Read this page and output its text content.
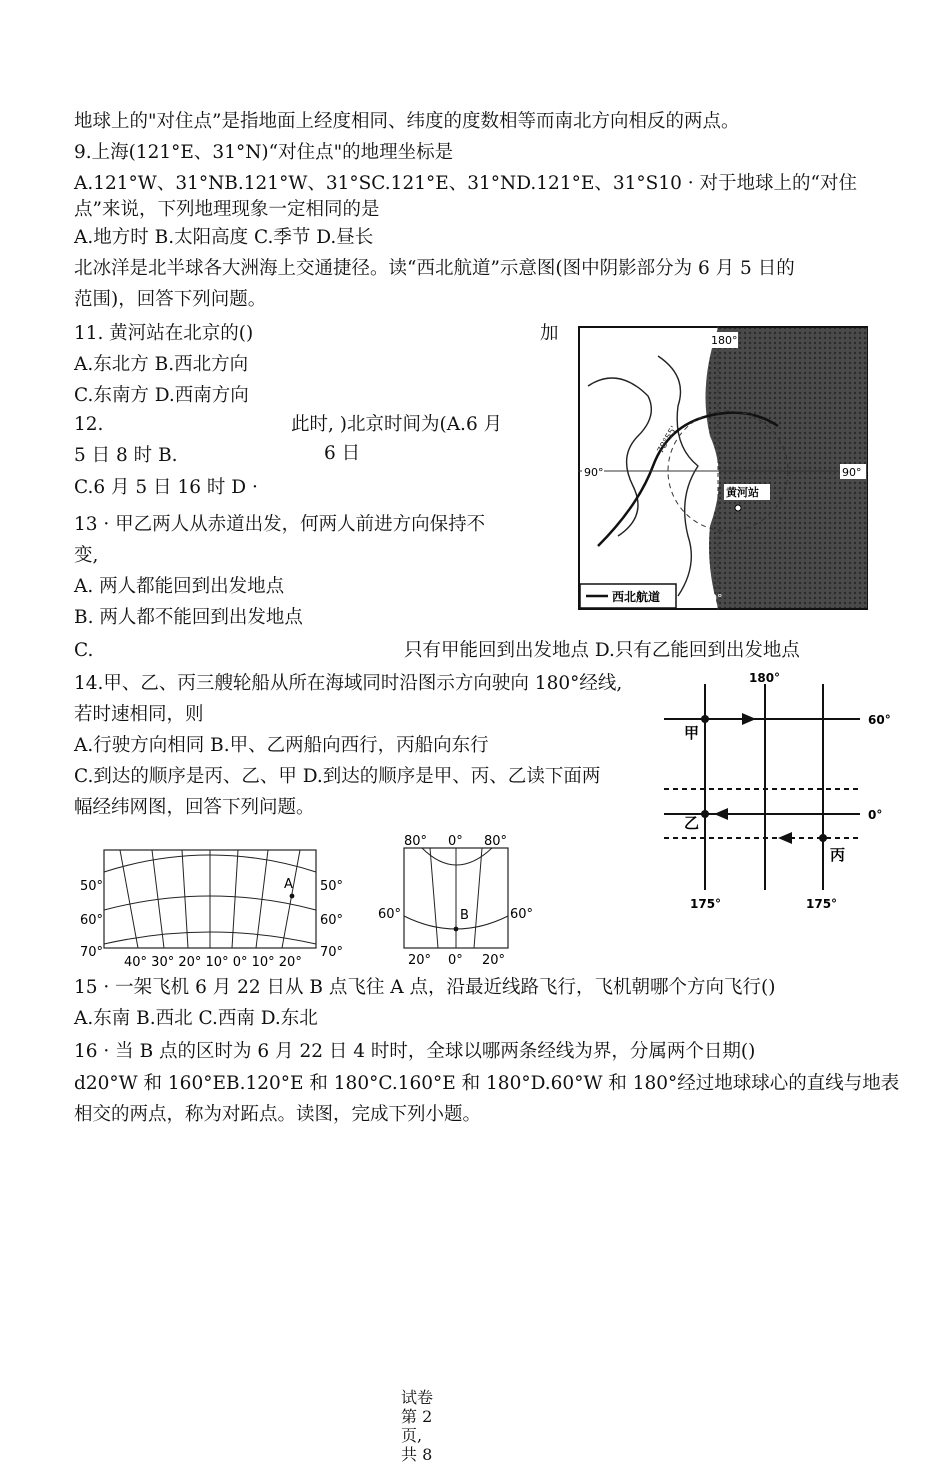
地球上的"对住点”是指地面上经度相同、纬度的度数相等而南北方向相反的两点。
9.上海(121°E、31°N)“对住点"的地理坐标是
A.121°W、31°NB.121°W、31°SC.121°E、31°ND.121°E、31°S10 · 对于地球上的“对住
点”来说，下列地理现象一定相同的是
A.地方时 B.太阳高度 C.季节 D.昼长
北冰洋是北半球各大洲海上交通捷径。读“西北航道”示意图(图中阴影部分为 6 月 5 日的
范围)，回答下列问题。
11. 黄河站在北京的()	加
A.东北方 B.西北方向
C.东南方 D.西南方向
12.	此时, )北京时间为(A.6 月
5 日 8 时 B.	6 日
C.6 月 5 日 16 时 D ·
13 · 甲乙两人从赤道出发，何两人前进方向保持不
变,
A. 两人都能回到出发地点
B. 两人都不能回到出发地点
C.	只有甲能回到出发地点 D.只有乙能回到出发地点
14.甲、乙、丙三艘轮船从所在海域同时沿图示方向驶向 180°经线,
若时速相同，则
A.行驶方向相同 B.甲、乙两船向西行，丙船向东行
C.到达的顺序是丙、乙、甲 D.到达的顺序是甲、丙、乙读下面两
幅经纬网图，回答下列问题。
15 · 一架飞机 6 月 22 日从 B 点飞往 A 点，沿最近线路飞行，飞机朝哪个方向飞行()
A.东南 B.西北 C.西南 D.东北
16 · 当 B 点的区时为 6 月 22 日 4 时时，全球以哪两条经线为界，分属两个日期()
d20°W 和 160°EB.120°E 和 180°C.160°E 和 180°D.60°W 和 180°经过地球球心的直线与地表
相交的两点，称为对跖点。读图，完成下列小题。
180°
90°	90°
78°55'
黄河站
西北航道	0°
180°
60°
0°
175°	175°
甲
乙
丙
A
50°
60°
70°
50°
60°
70°
40° 30° 20° 10° 0° 10° 20°
B
80° 0° 80°
60°	60°
20° 0° 20°
试卷
第 2
页,
共 8
